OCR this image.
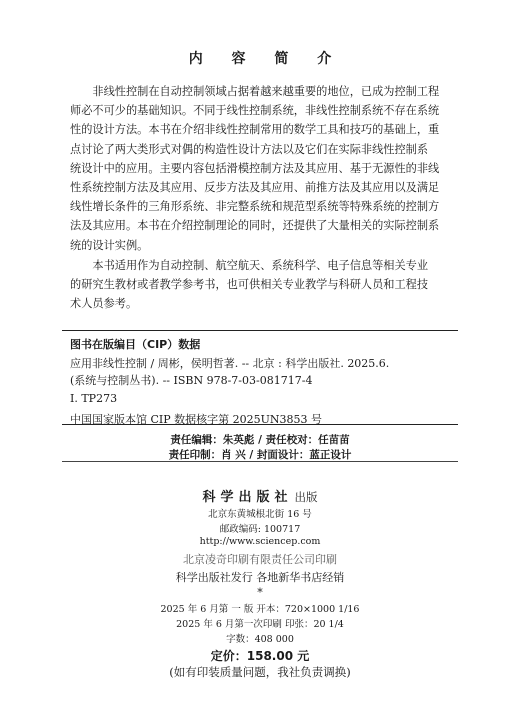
内 容 简 介

非线性控制在自动控制领域占据着越来越重要的地位，已成为控制工程
师必不可少的基础知识。不同于线性控制系统，非线性控制系统不存在系统
性的设计方法。本书在介绍非线性控制常用的数学工具和技巧的基础上，重
点讨论了两大类形式对偶的构造性设计方法以及它们在实际非线性控制系
统设计中的应用。主要内容包括滑模控制方法及其应用、基于无源性的非线
性系统控制方法及其应用、反步方法及其应用、前推方法及其应用以及满足
线性增长条件的三角形系统、非完整系统和规范型系统等特殊系统的控制方
法及其应用。本书在介绍控制理论的同时，还提供了大量相关的实际控制系
统的设计实例。

本书适用作为自动控制、航空航天、系统科学、电子信息等相关专业
的研究生教材或者教学参考书，也可供相关专业教学与科研人员和工程技
术人员参考。

图书在版编目（CIP）数据
应用非线性控制 / 周彬，侯明哲著. -- 北京 : 科学出版社. 2025.6.
(系统与控制丛书). -- ISBN 978-7-03-081717-4
I. TP273
中国国家版本馆 CIP 数据核字第 2025UN3853 号
责任编辑：朱英彪 / 责任校对：任苗苗
责任印制：肖 兴 / 封面设计：蓝正设计
科学出版社 出版
北京东黄城根北街 16 号
邮政编码: 100717
http://www.sciencep.com
北京凌奇印刷有限责任公司印刷
科学出版社发行 各地新华书店经销
*
2025 年 6 月第 一 版 开本：720×1000 1/16
2025 年 6 月第一次印刷 印张：20 1/4
字数：408 000
定价：158.00 元
(如有印装质量问题，我社负责调换)
